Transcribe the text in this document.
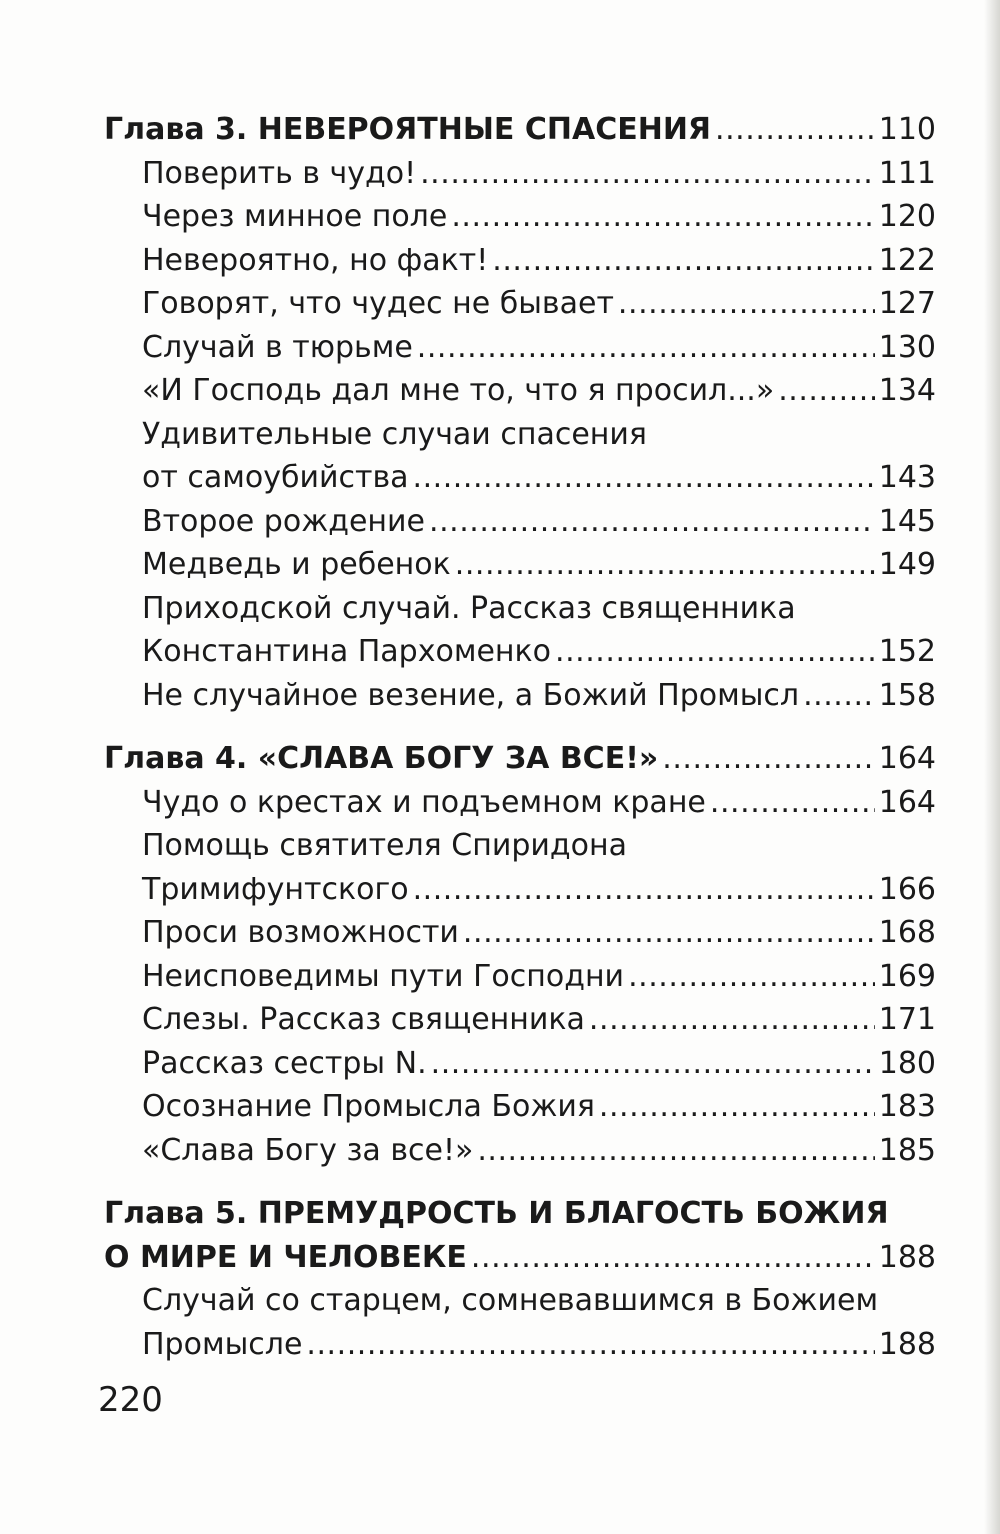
Глава 3. НЕВЕРОЯТНЫЕ СПАСЕНИЯ . . .	110
Поверить в чудо! . . .	111
Через минное поле . . .	120
Невероятно, но факт! . . .	122
Говорят, что чудес не бывает . . .	127
Случай в тюрьме . . .	130
«И Господь дал мне то, что я просил...» . . .	134
Удивительные случаи спасения
от самоубийства . . .	143
Второе рождение . . .	145
Медведь и ребенок . . .	149
Приходской случай. Рассказ священника
Константина Пархоменко . . .	152
Не случайное везение, а Божий Промысл . . .	158
Глава 4. «СЛАВА БОГУ ЗА ВСЕ!» . . .	164
Чудо о крестах и подъемном кране . . .	164
Помощь святителя Спиридона
Тримифунтского . . .	166
Проси возможности . . .	168
Неисповедимы пути Господни . . .	169
Слезы. Рассказ священника . . .	171
Рассказ сестры N. . . .	180
Осознание Промысла Божия . . .	183
«Слава Богу за все!» . . .	185
Глава 5. ПРЕМУДРОСТЬ И БЛАГОСТЬ БОЖИЯ
О МИРЕ И ЧЕЛОВЕКЕ . . .	188
Случай со старцем, сомневавшимся в Божием
Промысле . . .	188
220
